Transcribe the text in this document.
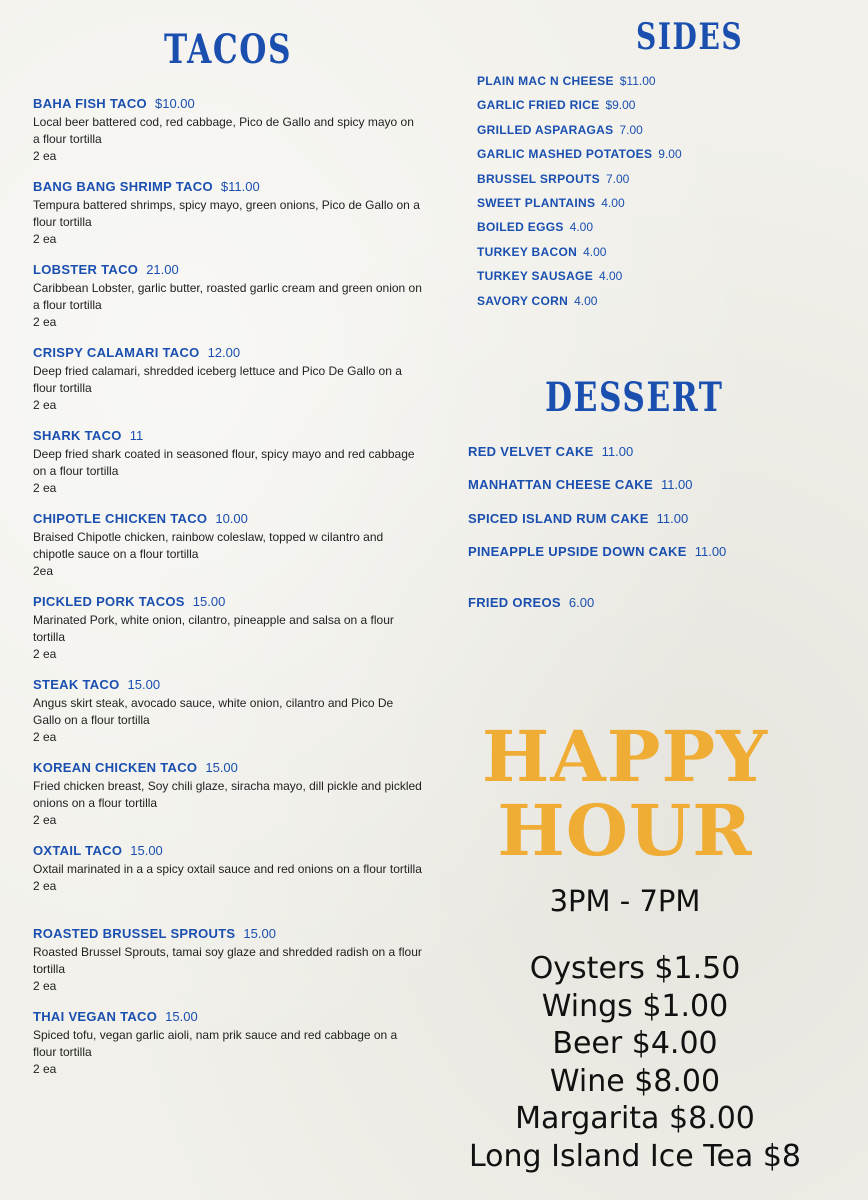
TACOS
BAHA FISH TACO $10.00
Local beer battered cod, red cabbage, Pico de Gallo and spicy mayo on a flour tortilla
2 ea
BANG BANG SHRIMP TACO $11.00
Tempura battered shrimps, spicy mayo, green onions, Pico de Gallo on a flour tortilla
2 ea
LOBSTER TACO 21.00
Caribbean Lobster, garlic butter, roasted garlic cream and green onion on a flour tortilla
2 ea
CRISPY CALAMARI TACO 12.00
Deep fried calamari, shredded iceberg lettuce and Pico De Gallo on a flour tortilla
2 ea
SHARK TACO 11
Deep fried shark coated in seasoned flour, spicy mayo and red cabbage on a flour tortilla
2 ea
CHIPOTLE CHICKEN TACO 10.00
Braised Chipotle chicken, rainbow coleslaw, topped w cilantro and chipotle sauce on a flour tortilla
2ea
PICKLED PORK TACOS 15.00
Marinated Pork, white onion, cilantro, pineapple and salsa on a flour tortilla
2 ea
STEAK TACO 15.00
Angus skirt steak, avocado sauce, white onion, cilantro and Pico De Gallo on a flour tortilla
2 ea
KOREAN CHICKEN TACO 15.00
Fried chicken breast, Soy chili glaze, siracha mayo, dill pickle and pickled onions on a flour tortilla
2 ea
OXTAIL TACO 15.00
Oxtail marinated in a a spicy oxtail sauce and red onions on a flour tortilla
2 ea
ROASTED BRUSSEL SPROUTS 15.00
Roasted Brussel Sprouts, tamai soy glaze and shredded radish on a flour tortilla
2 ea
THAI VEGAN TACO 15.00
Spiced tofu, vegan garlic aioli, nam prik sauce and red cabbage on a flour tortilla
2 ea
SIDES
PLAIN MAC N CHEESE $11.00
GARLIC FRIED RICE $9.00
GRILLED ASPARAGAS 7.00
GARLIC MASHED POTATOES 9.00
BRUSSEL SRPOUTS 7.00
SWEET PLANTAINS 4.00
BOILED EGGS 4.00
TURKEY BACON 4.00
TURKEY SAUSAGE 4.00
SAVORY CORN 4.00
DESSERT
RED VELVET CAKE 11.00
MANHATTAN CHEESE CAKE 11.00
SPICED ISLAND RUM CAKE 11.00
PINEAPPLE UPSIDE DOWN CAKE 11.00
FRIED OREOS 6.00
HAPPY
HOUR
3PM - 7PM
Oysters $1.50
Wings $1.00
Beer $4.00
Wine $8.00
Margarita $8.00
Long Island Ice Tea $8
